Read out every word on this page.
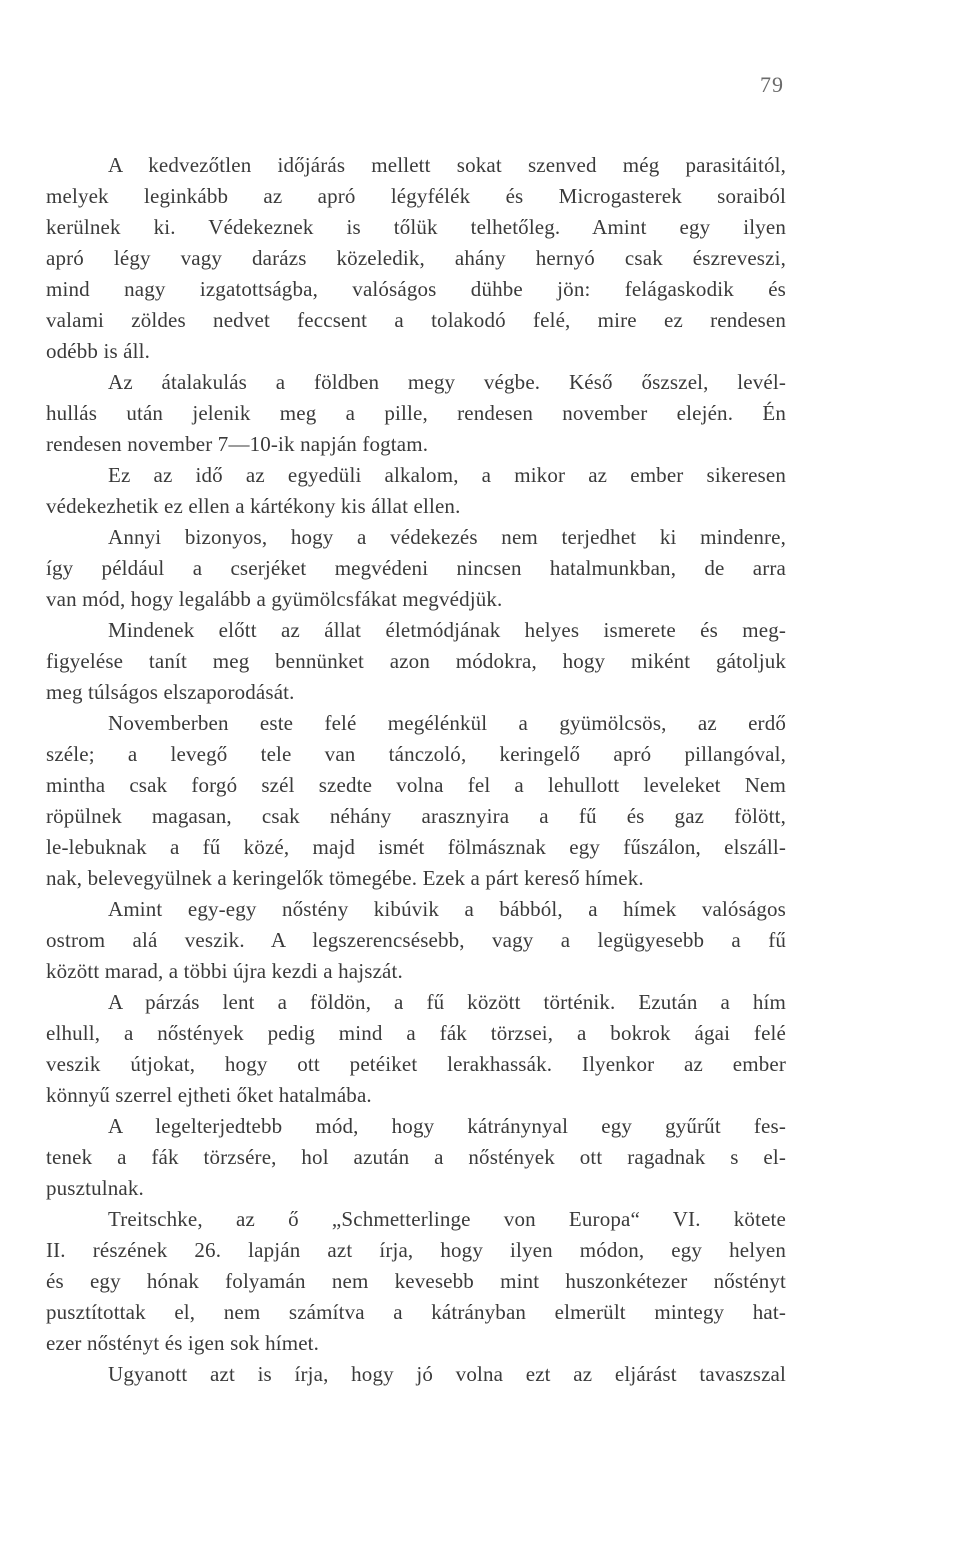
79
A kedvezőtlen időjárás mellett sokat szenved még parasitáitól,
melyek leginkább az apró légyfélék és Microgasterek soraiból
kerülnek ki. Védekeznek is tőlük telhetőleg. Amint egy ilyen
apró légy vagy darázs közeledik, ahány hernyó csak észreveszi,
mind nagy izgatottságba, valóságos dühbe jön: felágaskodik és
valami zöldes nedvet feccsent a tolakodó felé, mire ez rendesen
odébb is áll.
Az átalakulás a földben megy végbe. Késő őszszel, levél-
hullás után jelenik meg a pille, rendesen november elején. Én
rendesen november 7—10-ik napján fogtam.
Ez az idő az egyedüli alkalom, a mikor az ember sikeresen
védekezhetik ez ellen a kártékony kis állat ellen.
Annyi bizonyos, hogy a védekezés nem terjedhet ki mindenre,
így például a cserjéket megvédeni nincsen hatalmunkban, de arra
van mód, hogy legalább a gyümölcsfákat megvédjük.
Mindenek előtt az állat életmódjának helyes ismerete és meg-
figyelése tanít meg bennünket azon módokra, hogy miként gátoljuk
meg túlságos elszaporodását.
Novemberben este felé megélénkül a gyümölcsös, az erdő
széle; a levegő tele van tánczoló, keringelő apró pillangóval,
mintha csak forgó szél szedte volna fel a lehullott leveleket Nem
röpülnek magasan, csak néhány arasznyira a fű és gaz fölött,
le-lebuknak a fű közé, majd ismét fölmásznak egy fűszálon, elszáll-
nak, belevegyülnek a keringelők tömegébe. Ezek a párt kereső hímek.
Amint egy-egy nőstény kibúvik a bábból, a hímek valóságos
ostrom alá veszik. A legszerencsésebb, vagy a legügyesebb a fű
között marad, a többi újra kezdi a hajszát.
A párzás lent a földön, a fű között történik. Ezután a hím
elhull, a nőstények pedig mind a fák törzsei, a bokrok ágai felé
veszik útjokat, hogy ott petéiket lerakhassák. Ilyenkor az ember
könnyű szerrel ejtheti őket hatalmába.
A legelterjedtebb mód, hogy kátránynyal egy gyűrűt fes-
tenek a fák törzsére, hol azután a nőstények ott ragadnak s el-
pusztulnak.
Treitschke, az ő „Schmetterlinge von Europa“ VI. kötete
II. részének 26. lapján azt írja, hogy ilyen módon, egy helyen
és egy hónak folyamán nem kevesebb mint huszonkétezer nőstényt
pusztítottak el, nem számítva a kátrányban elmerült mintegy hat-
ezer nőstényt és igen sok hímet.
Ugyanott azt is írja, hogy jó volna ezt az eljárást tavaszszal
